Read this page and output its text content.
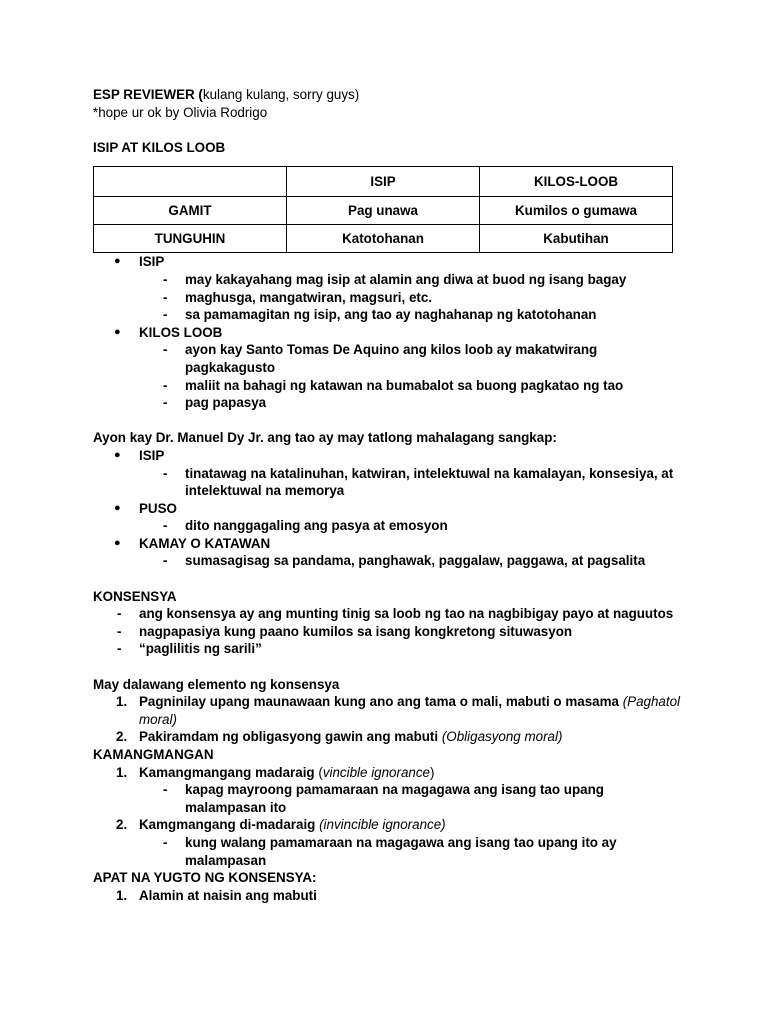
ESP REVIEWER (kulang kulang, sorry guys)

*hope ur ok by Olivia Rodrigo

ISIP AT KILOS LOOB

	ISIP	KILOS-LOOB
GAMIT	Pag unawa	Kumilos o gumawa
TUNGUHIN	Katotohanan	Kabutihan
● ISIP
- may kakayahang mag isip at alamin ang diwa at buod ng isang bagay
- maghusga, mangatwiran, magsuri, etc.
- sa pamamagitan ng isip, ang tao ay naghahanap ng katotohanan
● KILOS LOOB
- ayon kay Santo Tomas De Aquino ang kilos loob ay makatwirang pagkakagusto
- maliit na bahagi ng katawan na bumabalot sa buong pagkatao ng tao
- pag papasya

Ayon kay Dr. Manuel Dy Jr. ang tao ay may tatlong mahalagang sangkap:

● ISIP
- tinatawag na katalinuhan, katwiran, intelektuwal na kamalayan, konsesiya, at intelektuwal na memorya
● PUSO
- dito nanggagaling ang pasya at emosyon
● KAMAY O KATAWAN
- sumasagisag sa pandama, panghawak, paggalaw, paggawa, at pagsalita

KONSENSYA

- ang konsensya ay ang munting tinig sa loob ng tao na nagbibigay payo at naguutos
- nagpapasiya kung paano kumilos sa isang kongkretong situwasyon
- “paglilitis ng sarili”

May dalawang elemento ng konsensya

1. Pagninilay upang maunawaan kung ano ang tama o mali, mabuti o masama (Paghatol moral)
2. Pakiramdam ng obligasyong gawin ang mabuti (Obligasyong moral)

KAMANGMANGAN

1. Kamangmangang madaraig (vincible ignorance)
- kapag mayroong pamamaraan na magagawa ang isang tao upang malampasan ito
2. Kamgmangang di-madaraig (invincible ignorance)
- kung walang pamamaraan na magagawa ang isang tao upang ito ay malampasan

APAT NA YUGTO NG KONSENSYA:

1. Alamin at naisin ang mabuti
